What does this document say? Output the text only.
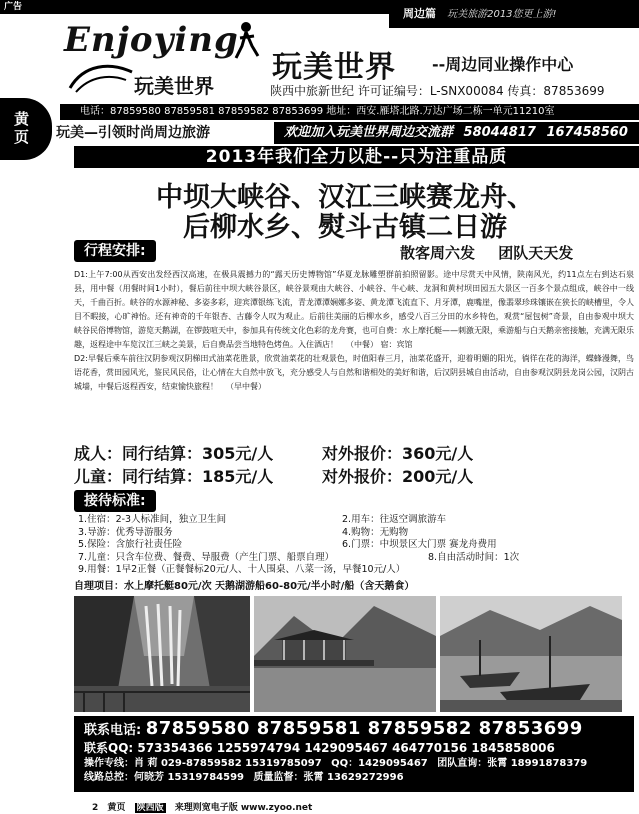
广告	周边篇 玩美旅游2013您更上游!
黄
页
Enjoying
玩美世界
玩美世界 --周边同业操作中心
陕西中旅新世纪 许可证编号：L-SNX00084 传真：87853699
电话：87859580 87859581 87859582 87853699 地址：西安.雁塔北路.万达广场二栋一单元11210室
玩美—引领时尚周边旅游	欢迎加入玩美世界周边交流群 58044817 167458560
2013年我们全力以赴--只为注重品质
中坝大峡谷、汉江三峡赛龙舟、
后柳水乡、熨斗古镇二日游
行程安排:	散客周六发 团队天天发

D1:上午7:00从西安出发经西汉高速，在极具震撼力的“露天历史博物馆”华夏龙脉雕塑群前拍照留影。途中尽赏天中风情，陕南风光，约11点左右到达石泉县，用中餐（用餐时间1小时），餐后前往中坝大峡谷景区，峡谷景观由大峡谷、小峡谷、牛心峡、龙洞和黄村坝田园五大景区一百多个景点组成，峡谷中一线天，千曲百折。峡谷的水源神秘、多姿多彩，迎宾潭银练飞流，青龙潭潭娴娜多姿、黄龙潭飞流直下、月牙潭，鹿嘴崖，像翡翠珍珠镶嵌在狭长的峡槽里，令人目不暇接，心旷神怡。还有神奇的千年银杏、古藤令人叹为观止。后前往美丽的后柳水乡，感受八百三分田的水乡特色，观赏“屋包树”奇景，自由参观中坝大峡谷民俗博物馆，游览天鹅湖，在锣鼓喧天中，参加具有传统文化色彩的龙舟赛，也可自费：水上摩托艇——刺激无限，乘游船与白天鹅亲密接触，充满无限乐趣，返程途中车览汉江三峡之美景，后自费品尝当地特色烤鱼。入住酒店！ （中餐） 宿：宾馆

D2:早餐后乘车前往汉阴参观汉阴梯田式油菜花胜景，欣赏油菜花的壮观景色，时值阳春三月，油菜花盛开，迎着明媚的阳光，徜徉在花的海洋，蝶蜂漫舞，鸟语花香，赏田园风光，鉴民风民俗，让心情在大自然中放飞，充分感受人与自然和谐相处的美好和谐，后汉阴县城自由活动，自由参观汉阴县龙岗公园，汉阴古城墙，中餐后返程西安，结束愉快旅程！ （早中餐）

成人：同行结算：305元/人	对外报价：360元/人
儿童：同行结算：185元/人	对外报价：200元/人
接待标准:
1.住宿：2-3人标准间，独立卫生间	2.用车：往返空调旅游车
3.导游：优秀导游服务	4.购物：无购物
5.保险：含旅行社责任险	6.门票：中坝景区大门票 赛龙舟费用
7.儿童：只含车位费、餐费、导服费（产生门票、船票自理）	8.自由活动时间：1次
9.用餐：1早2正餐（正餐餐标20元/人、十人围桌、八菜一汤，早餐10元/人）
自理项目：水上摩托艇80元/次 天鹅湖游船60-80元/半小时/船（含天鹅食）
联系电话: 87859580 87859581 87859582 87853699
联系QQ: 573354366 1255974794 1429095467 464770156 1845858006
操作专线：肖 莉 029-87859582 15319785097 QQ：1429095467 团队直询：张霄 18991878379
线路总控：何晓芳 15319784599 质量监督：张霄 13629272996
2 黄页 陕西版 来理则宽电子版 www.zyoo.net
